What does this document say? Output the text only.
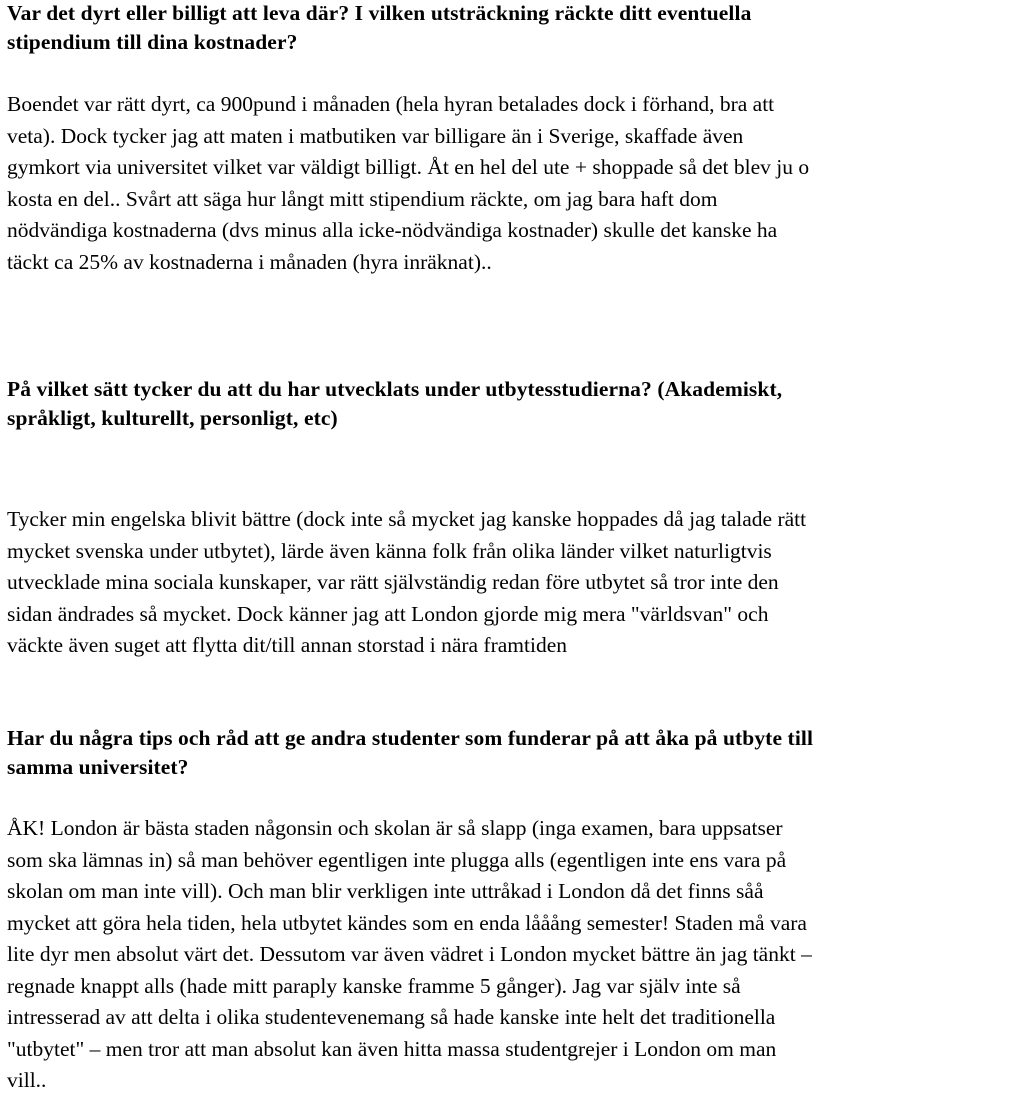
Var det dyrt eller billigt att leva där? I vilken utsträckning räckte ditt eventuella
stipendium till dina kostnader?
Boendet var rätt dyrt, ca 900pund i månaden (hela hyran betalades dock i förhand, bra att
veta). Dock tycker jag att maten i matbutiken var billigare än i Sverige, skaffade även
gymkort via universitet vilket var väldigt billigt. Åt en hel del ute + shoppade så det blev ju o
kosta en del.. Svårt att säga hur långt mitt stipendium räckte, om jag bara haft dom
nödvändiga kostnaderna (dvs minus alla icke-nödvändiga kostnader) skulle det kanske ha
täckt ca 25% av kostnaderna i månaden (hyra inräknat)..
På vilket sätt tycker du att du har utvecklats under utbytesstudierna? (Akademiskt,
språkligt, kulturellt, personligt, etc)
Tycker min engelska blivit bättre (dock inte så mycket jag kanske hoppades då jag talade rätt
mycket svenska under utbytet), lärde även känna folk från olika länder vilket naturligtvis
utvecklade mina sociala kunskaper, var rätt självständig redan före utbytet så tror inte den
sidan ändrades så mycket. Dock känner jag att London gjorde mig mera "världsvan" och
väckte även suget att flytta dit/till annan storstad i nära framtiden
Har du några tips och råd att ge andra studenter som funderar på att åka på utbyte till
samma universitet?
ÅK! London är bästa staden någonsin och skolan är så slapp (inga examen, bara uppsatser
som ska lämnas in) så man behöver egentligen inte plugga alls (egentligen inte ens vara på
skolan om man inte vill). Och man blir verkligen inte uttråkad i London då det finns såå
mycket att göra hela tiden, hela utbytet kändes som en enda lååång semester! Staden må vara
lite dyr men absolut värt det. Dessutom var även vädret i London mycket bättre än jag tänkt –
regnade knappt alls (hade mitt paraply kanske framme 5 gånger). Jag var själv inte så
intresserad av att delta i olika studentevenemang så hade kanske inte helt det traditionella
"utbytet" – men tror att man absolut kan även hitta massa studentgrejer i London om man
vill..
